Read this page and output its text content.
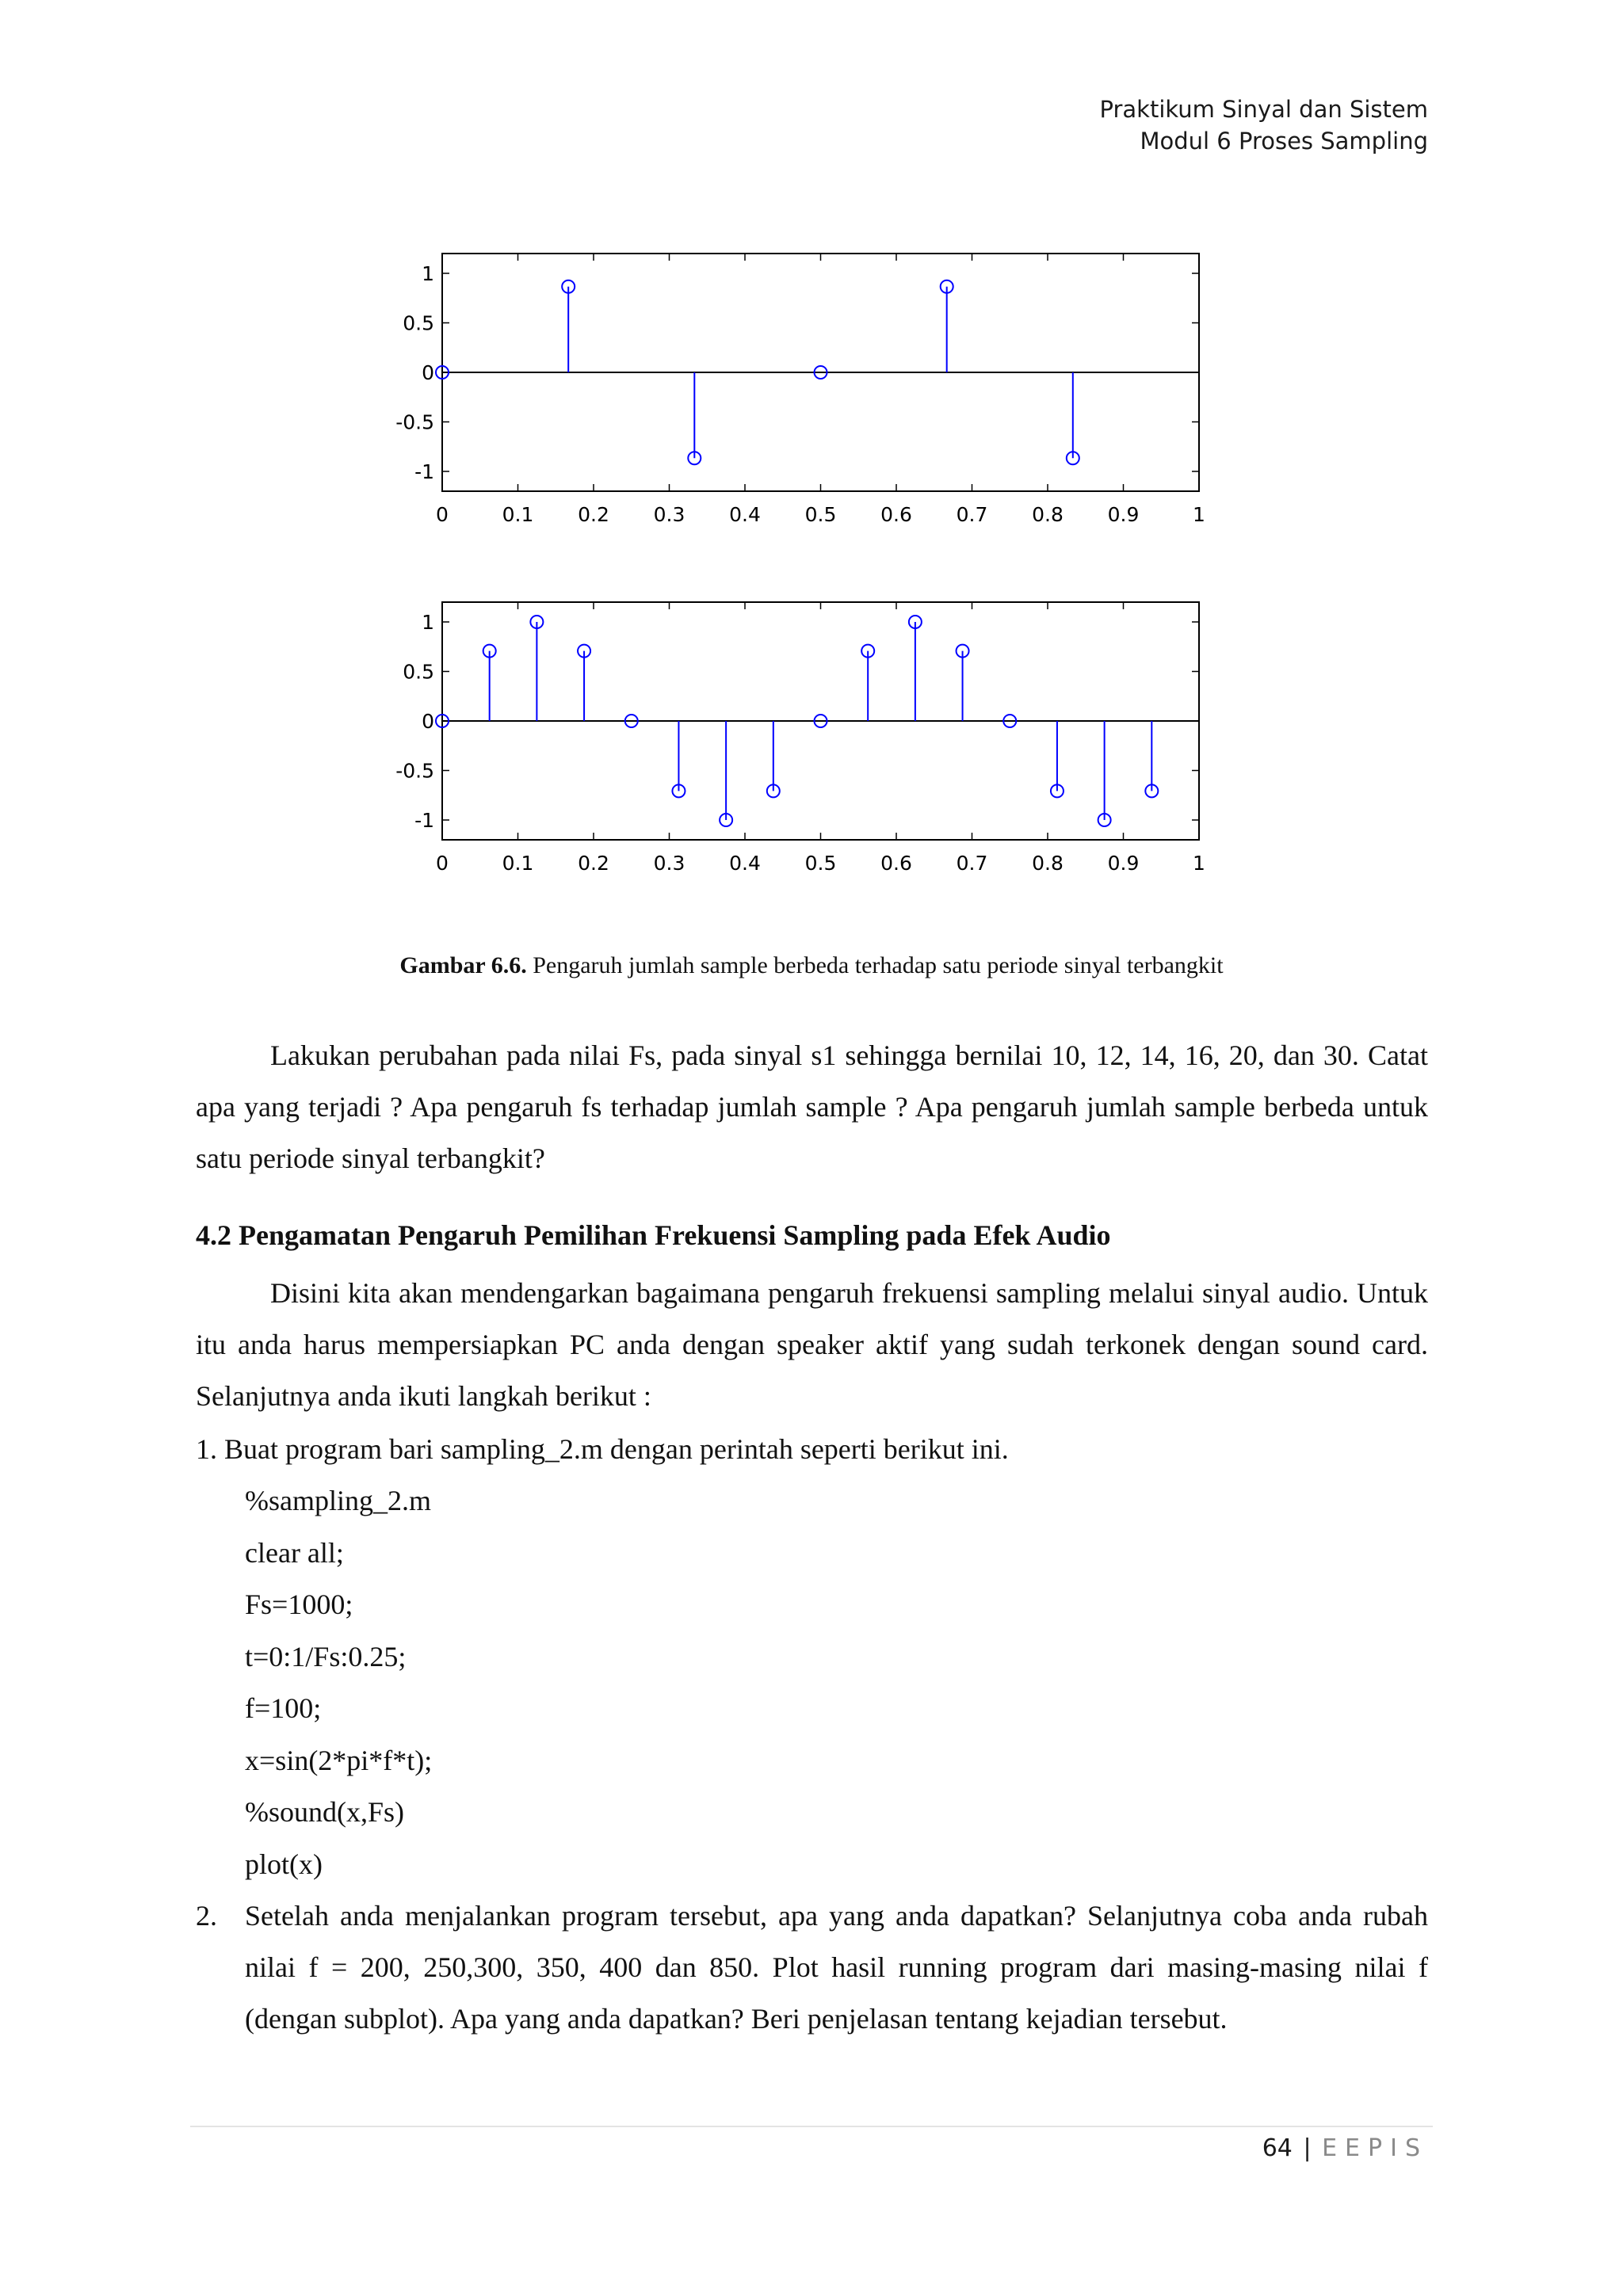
Praktikum Sinyal dan Sistem
Modul 6 Proses Sampling
0	0.1 0.2 0.3 0.4 0.5 0.6 0.7 0.8 0.9	1
1
0.5
0
-0.5
-1
0	0.1 0.2 0.3 0.4 0.5 0.6 0.7 0.8 0.9	1
1
0.5
0
-0.5
-1
Gambar 6.6. Pengaruh jumlah sample berbeda terhadap satu periode sinyal terbangkit
Lakukan perubahan pada nilai Fs, pada sinyal s1 sehingga bernilai 10, 12, 14, 16, 20, dan 30. Catat apa yang terjadi ? Apa pengaruh fs terhadap jumlah sample ? Apa pengaruh jumlah sample berbeda untuk satu periode sinyal terbangkit?
4.2 Pengamatan Pengaruh Pemilihan Frekuensi Sampling pada Efek Audio
Disini kita akan mendengarkan bagaimana pengaruh frekuensi sampling melalui sinyal audio. Untuk itu anda harus mempersiapkan PC anda dengan speaker aktif yang sudah terkonek dengan sound card. Selanjutnya anda ikuti langkah berikut :
1. Buat program bari sampling_2.m dengan perintah seperti berikut ini.
%sampling_2.m
clear all;
Fs=1000;
t=0:1/Fs:0.25;
f=100;
x=sin(2*pi*f*t);
%sound(x,Fs)
plot(x)
2. Setelah anda menjalankan program tersebut, apa yang anda dapatkan? Selanjutnya coba anda rubah nilai f = 200, 250,300, 350, 400 dan 850. Plot hasil running program dari masing-masing nilai f (dengan subplot). Apa yang anda dapatkan? Beri penjelasan tentang kejadian tersebut.
64 | EEPIS
